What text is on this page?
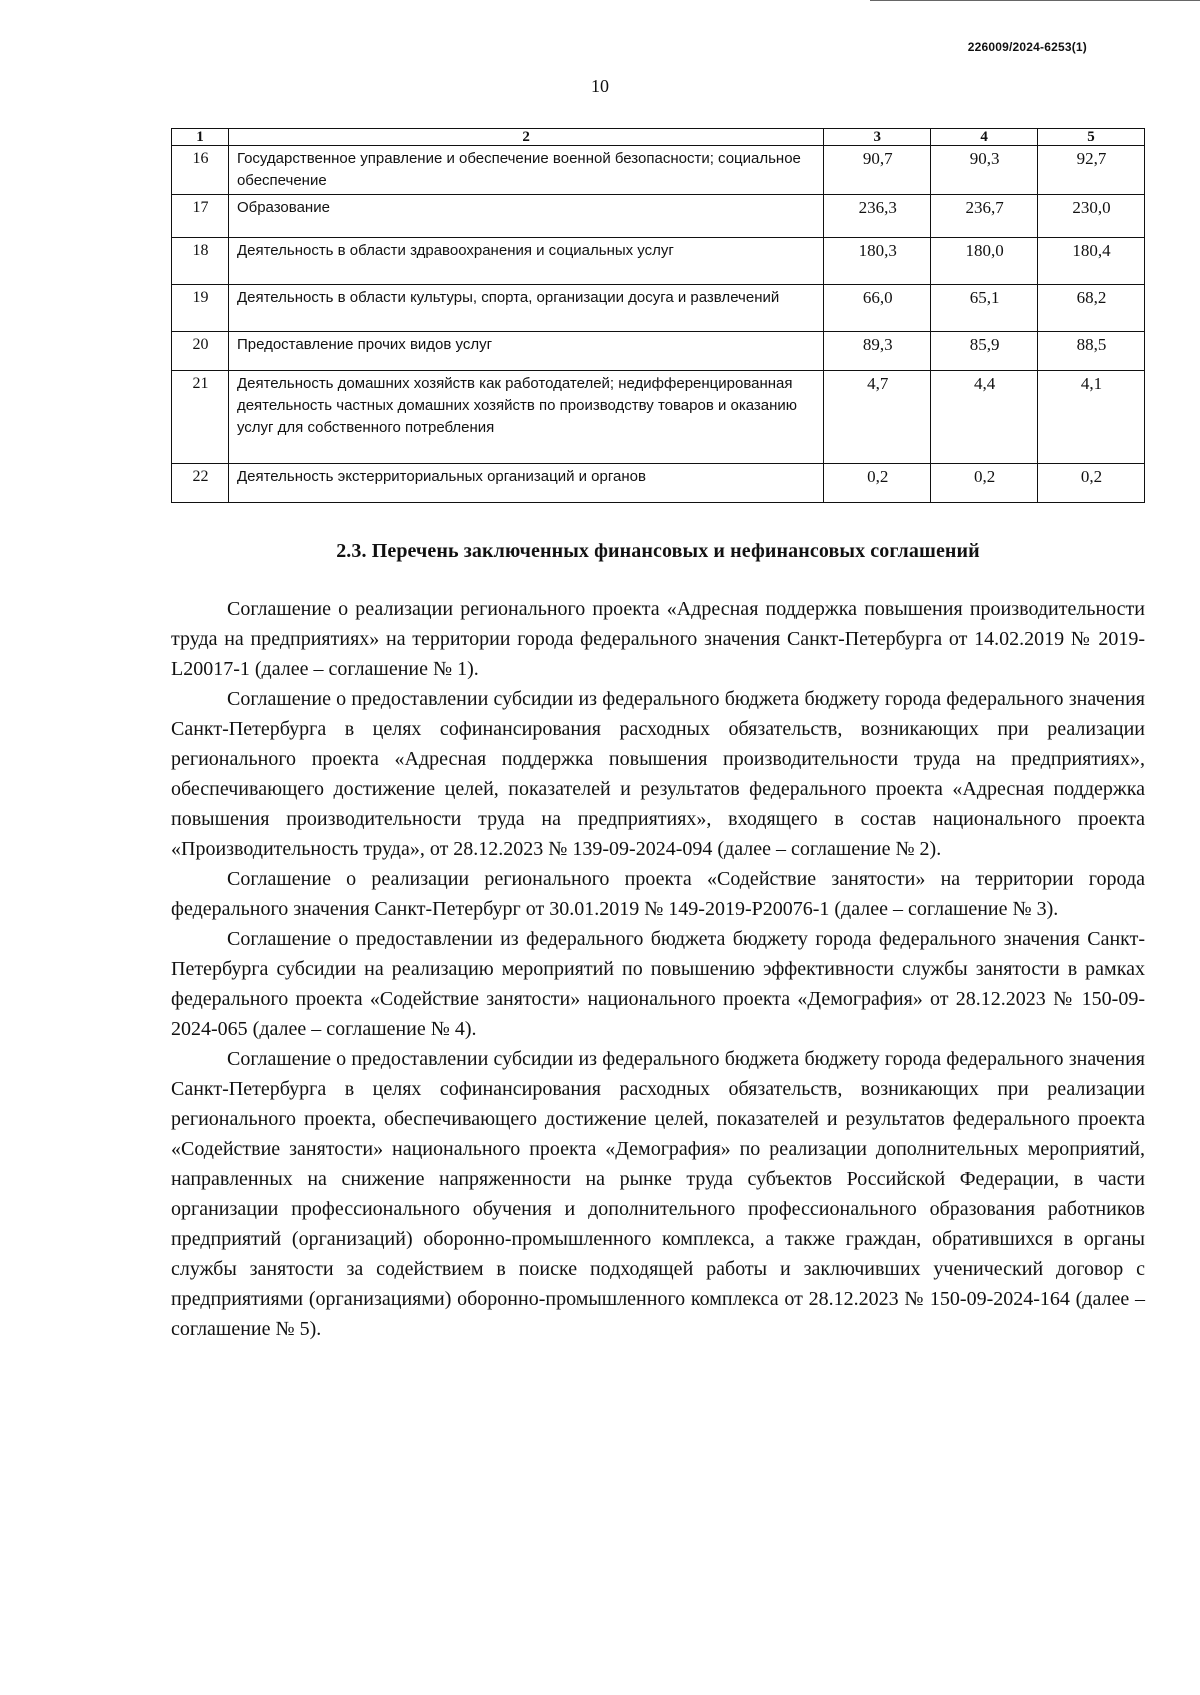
226009/2024-6253(1)
10
1	2	3	4	5
16	Государственное управление и обеспечение военной безопасности; социальное обеспечение	90,7	90,3	92,7
17	Образование	236,3	236,7	230,0
18	Деятельность в области здравоохранения и социальных услуг	180,3	180,0	180,4
19	Деятельность в области культуры, спорта, организации досуга и развлечений	66,0	65,1	68,2
20	Предоставление прочих видов услуг	89,3	85,9	88,5
21	Деятельность домашних хозяйств как работодателей; недифференцированная деятельность частных домашних хозяйств по производству товаров и оказанию услуг для собственного потребления	4,7	4,4	4,1
22	Деятельность экстерриториальных организаций и органов	0,2	0,2	0,2
2.3. Перечень заключенных финансовых и нефинансовых соглашений

Соглашение о реализации регионального проекта «Адресная поддержка повышения производительности труда на предприятиях» на территории города федерального значения Санкт-Петербурга от 14.02.2019 № 2019-L20017-1 (далее – соглашение № 1).

Соглашение о предоставлении субсидии из федерального бюджета бюджету города федерального значения Санкт-Петербурга в целях софинансирования расходных обязательств, возникающих при реализации регионального проекта «Адресная поддержка повышения производительности труда на предприятиях», обеспечивающего достижение целей, показателей и результатов федерального проекта «Адресная поддержка повышения производительности труда на предприятиях», входящего в состав национального проекта «Производительность труда», от 28.12.2023 № 139-09-2024-094 (далее – соглашение № 2).

Соглашение о реализации регионального проекта «Содействие занятости» на территории города федерального значения Санкт-Петербург от 30.01.2019 № 149-2019-P20076-1 (далее – соглашение № 3).

Соглашение о предоставлении из федерального бюджета бюджету города федерального значения Санкт-Петербурга субсидии на реализацию мероприятий по повышению эффективности службы занятости в рамках федерального проекта «Содействие занятости» национального проекта «Демография» от 28.12.2023 № 150-09-2024-065 (далее – соглашение № 4).

Соглашение о предоставлении субсидии из федерального бюджета бюджету города федерального значения Санкт-Петербурга в целях софинансирования расходных обязательств, возникающих при реализации регионального проекта, обеспечивающего достижение целей, показателей и результатов федерального проекта «Содействие занятости» национального проекта «Демография» по реализации дополнительных мероприятий, направленных на снижение напряженности на рынке труда субъектов Российской Федерации, в части организации профессионального обучения и дополнительного профессионального образования работников предприятий (организаций) оборонно-промышленного комплекса, а также граждан, обратившихся в органы службы занятости за содействием в поиске подходящей работы и заключивших ученический договор с предприятиями (организациями) оборонно-промышленного комплекса от 28.12.2023 № 150-09-2024-164 (далее – соглашение № 5).
